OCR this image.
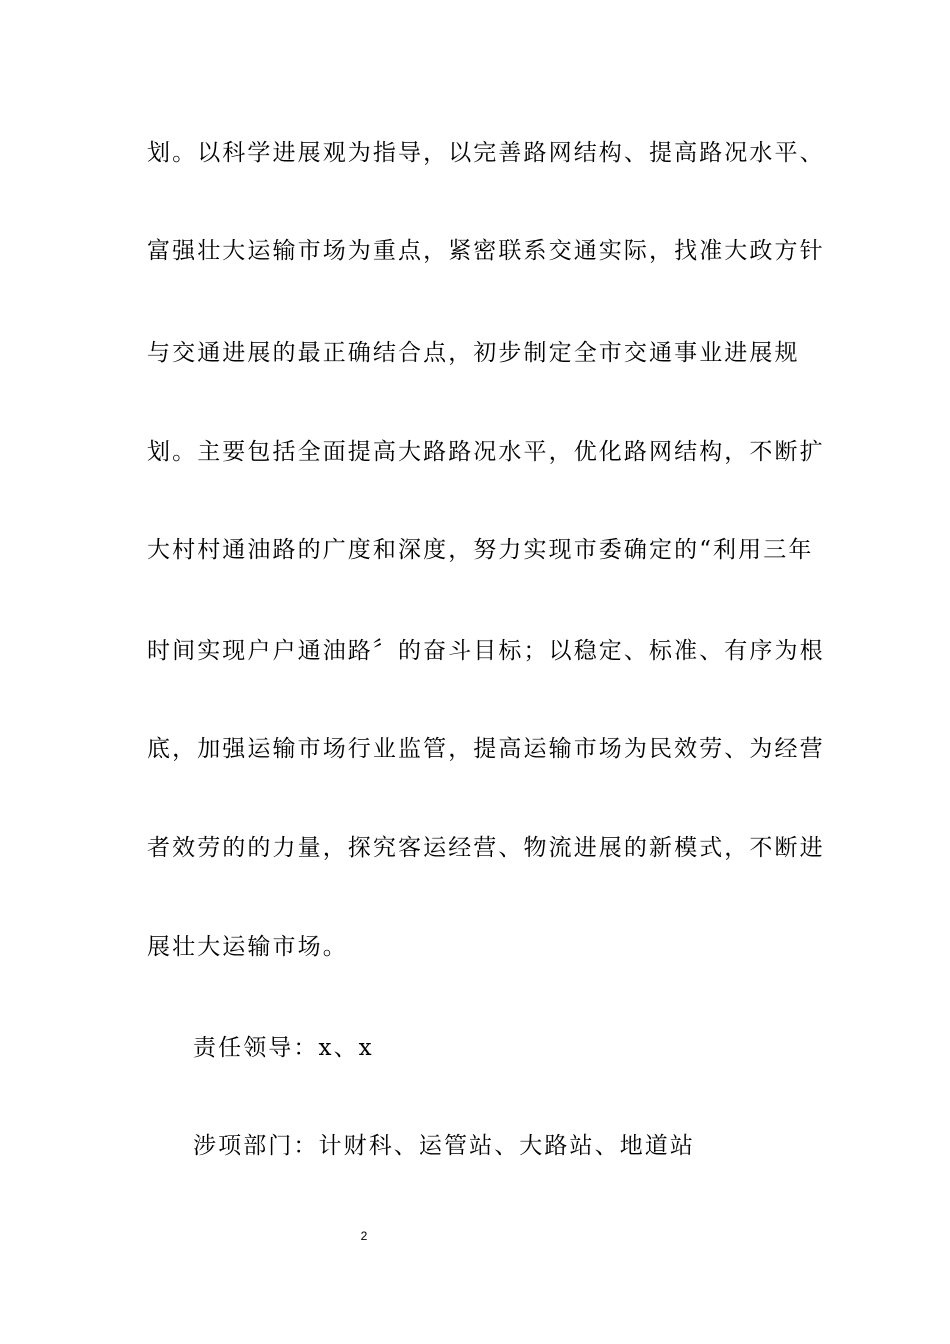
划。以科学进展观为指导，以完善路网结构、提高路况水平、
富强壮大运输市场为重点，紧密联系交通实际，找准大政方针
与交通进展的最正确结合点，初步制定全市交通事业进展规
划。主要包括全面提高大路路况水平，优化路网结构，不断扩
大村村通油路的广度和深度，努力实现市委确定的“利用三年
时间实现户户通油路〞的奋斗目标；以稳定、标准、有序为根
底，加强运输市场行业监管，提高运输市场为民效劳、为经营
者效劳的的力量，探究客运经营、物流进展的新模式，不断进
展壮大运输市场。
责任领导：x、x
涉项部门：计财科、运管站、大路站、地道站
2
